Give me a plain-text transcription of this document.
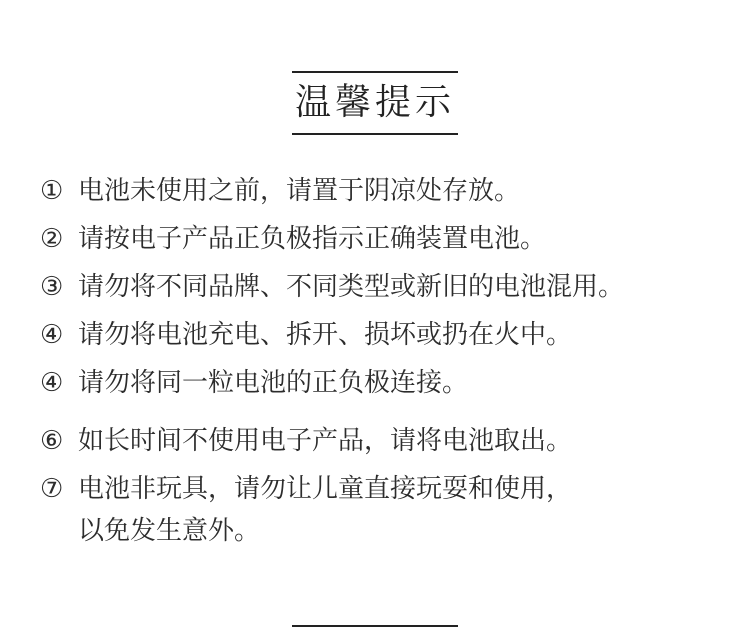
温馨提示
① 电池未使用之前，请置于阴凉处存放。
② 请按电子产品正负极指示正确装置电池。
③ 请勿将不同品牌、不同类型或新旧的电池混用。
④ 请勿将电池充电、拆开、损坏或扔在火中。
④ 请勿将同一粒电池的正负极连接。
⑥ 如长时间不使用电子产品，请将电池取出。
⑦ 电池非玩具，请勿让儿童直接玩耍和使用，
以免发生意外。
